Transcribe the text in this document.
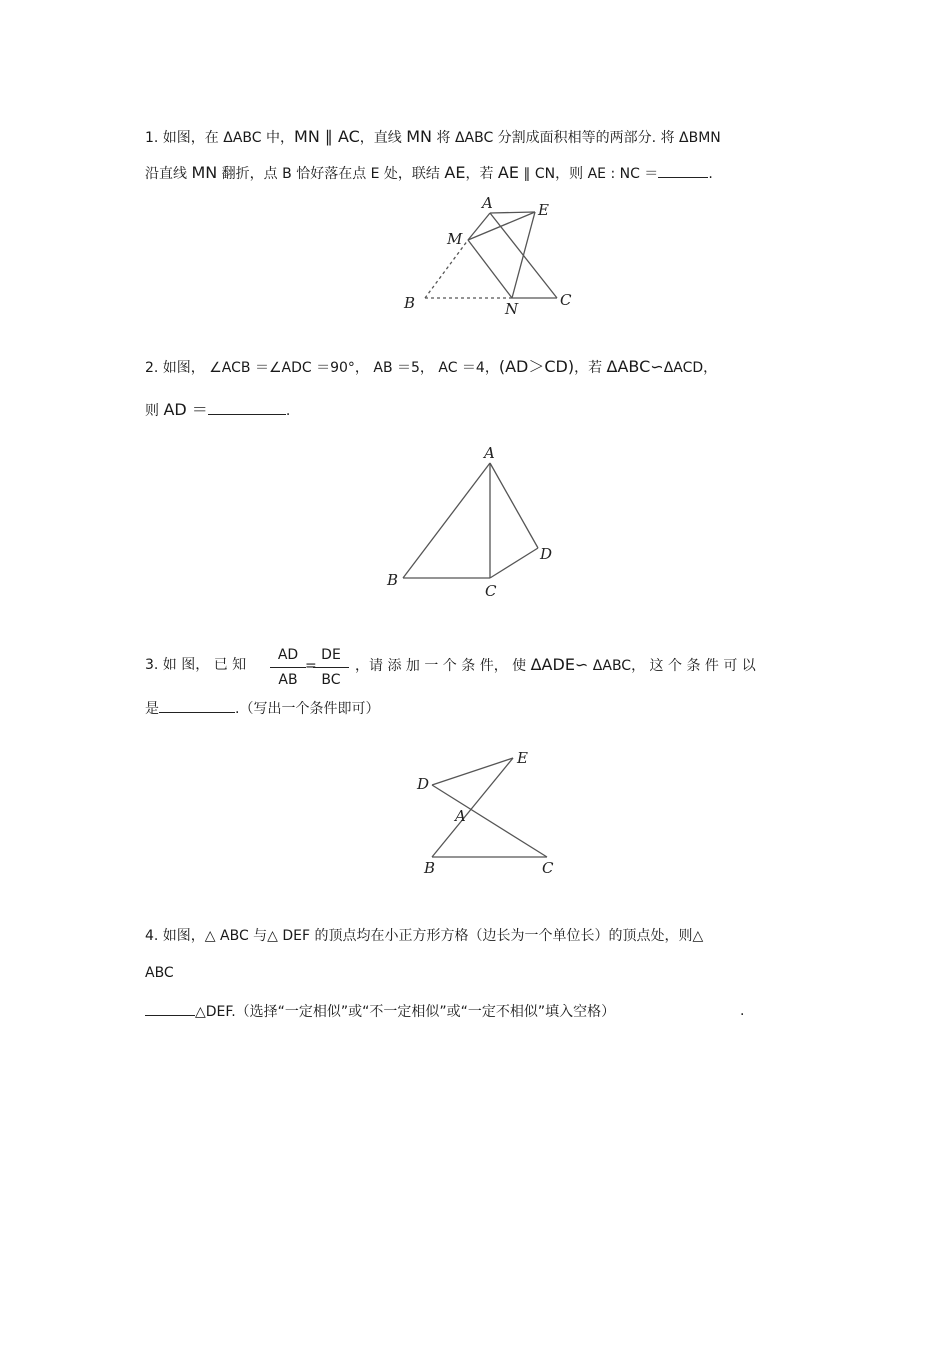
1. 如图，在 ΔABC 中，MN ∥ AC，直线 MN 将 ΔABC 分割成面积相等的两部分. 将 ΔBMN
沿直线 MN 翻折，点 B 恰好落在点 E 处，联结 AE，若 AE ∥ CN，则 AE : NC ＝	.
A	E
M
B	N	C
2. 如图， ∠ACB ＝∠ADC ＝90°， AB ＝5， AC ＝4，(AD＞CD)，若 ΔABC∽ΔACD，
则 AD ＝	.
A
B
C
D
3. 如 图， 已 知
AD
AB
=
DE
BC
，请 添 加 一 个 条 件， 使 ΔADE∽ ΔABC， 这 个 条 件 可 以
是	.（写出一个条件即可）
E
D
A
B	C
4. 如图，△ ABC 与△ DEF 的顶点均在小正方形方格（边长为一个单位长）的顶点处，则△
ABC
△DEF.（选择“一定相似”或“不一定相似”或“一定不相似”填入空格）	.
